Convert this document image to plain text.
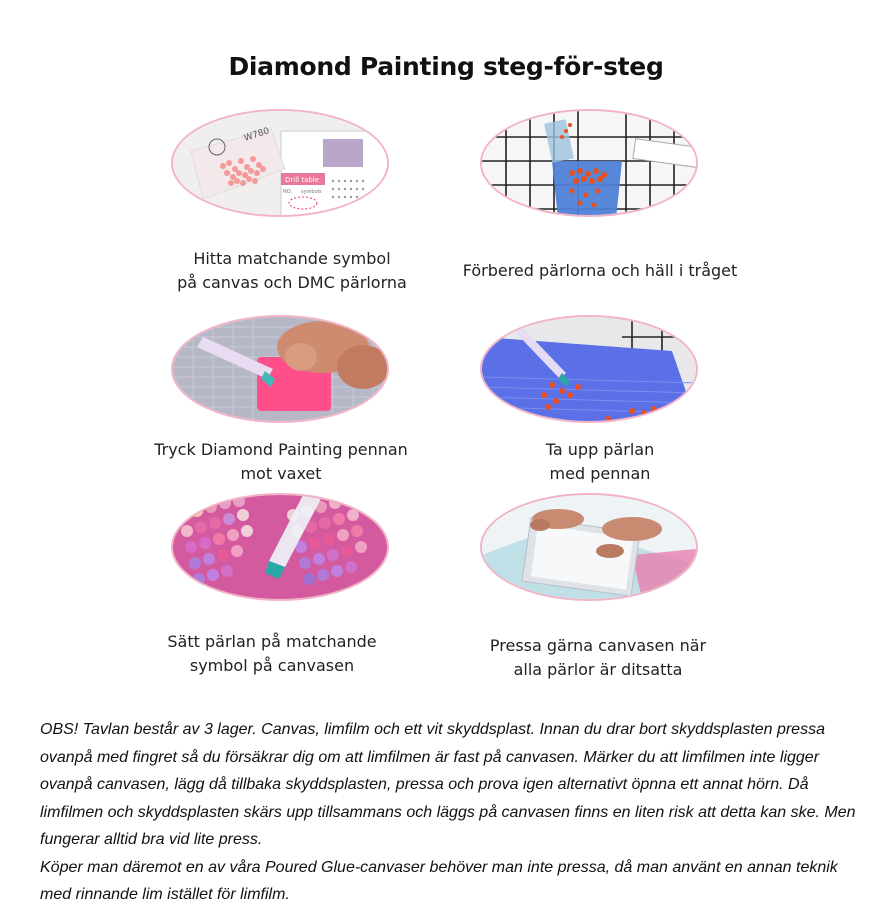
Diamond Painting steg-för-steg
Drill table
NO. symbols
W780
Hitta matchande symbol
på canvas och DMC pärlorna
Förbered pärlorna och häll i tråget
Tryck Diamond Painting pennan
mot vaxet
Ta upp pärlan
med pennan
Sätt pärlan på matchande
symbol på canvasen
Pressa gärna canvasen när
alla pärlor är ditsatta

OBS! Tavlan består av 3 lager. Canvas, limfilm och ett vit skyddsplast. Innan du drar bort skyddsplasten pressa ovanpå med fingret så du försäkrar dig om att limfilmen är fast på canvasen. Märker du att limfilmen inte ligger ovanpå canvasen, lägg då tillbaka skyddsplasten, pressa och prova igen alternativt öpnna ett annat hörn. Då limfilmen och skyddsplasten skärs upp tillsammans och läggs på canvasen finns en liten risk att detta kan ske. Men fungerar alltid bra vid lite press.

Köper man däremot en av våra Poured Glue-canvaser behöver man inte pressa, då man använt en annan teknik med rinnande lim istället för limfilm.
